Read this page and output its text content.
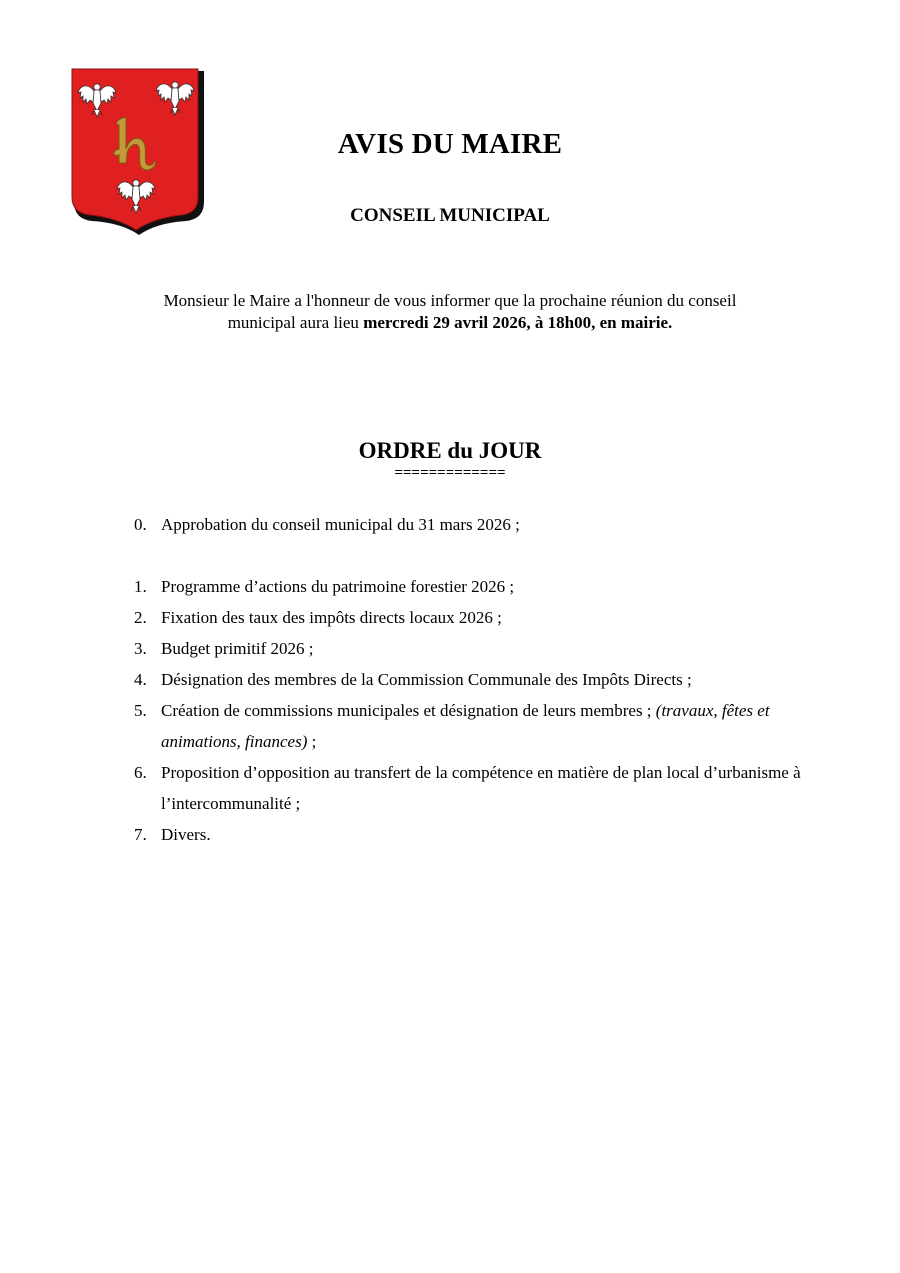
AVIS DU MAIRE
CONSEIL MUNICIPAL
Monsieur le Maire a l'honneur de vous informer que la prochaine réunion du conseil
municipal aura lieu mercredi 29 avril 2026, à 18h00, en mairie.
ORDRE du JOUR
=============
0. Approbation du conseil municipal du 31 mars 2026 ;
1. Programme d’actions du patrimoine forestier 2026 ;
2. Fixation des taux des impôts directs locaux 2026 ;
3. Budget primitif 2026 ;
4. Désignation des membres de la Commission Communale des Impôts Directs ;
5. Création de commissions municipales et désignation de leurs membres ; (travaux, fêtes et animations, finances) ;
6. Proposition d’opposition au transfert de la compétence en matière de plan local d’urbanisme à l’intercommunalité ;
7. Divers.
